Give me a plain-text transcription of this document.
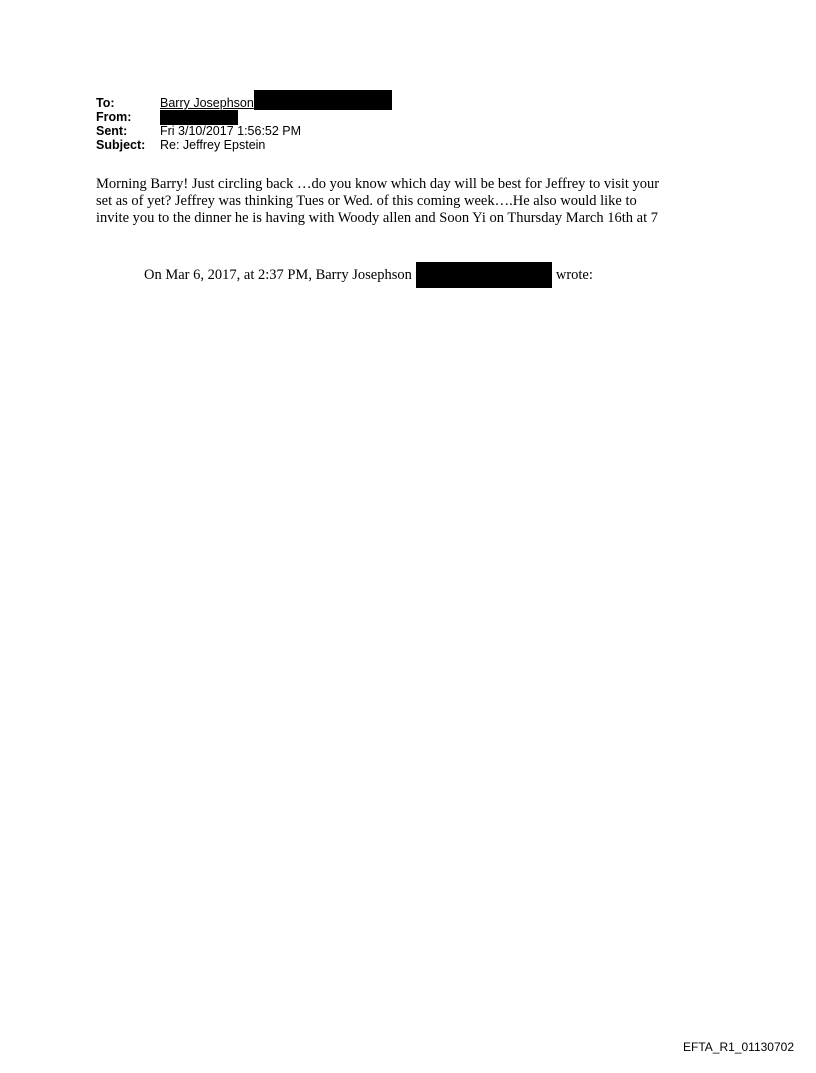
To:	Barry Josephson
From:
Sent:	Fri 3/10/2017 1:56:52 PM
Subject:	Re: Jeffrey Epstein
Morning Barry! Just circling back …do you know which day will be best for Jeffrey to visit your
set as of yet? Jeffrey was thinking Tues or Wed. of this coming week….He also would like to
invite you to the dinner he is having with Woody allen and Soon Yi on Thursday March 16th at 7
On Mar 6, 2017, at 2:37 PM, Barry Josephson	wrote:
EFTA_R1_01130702
